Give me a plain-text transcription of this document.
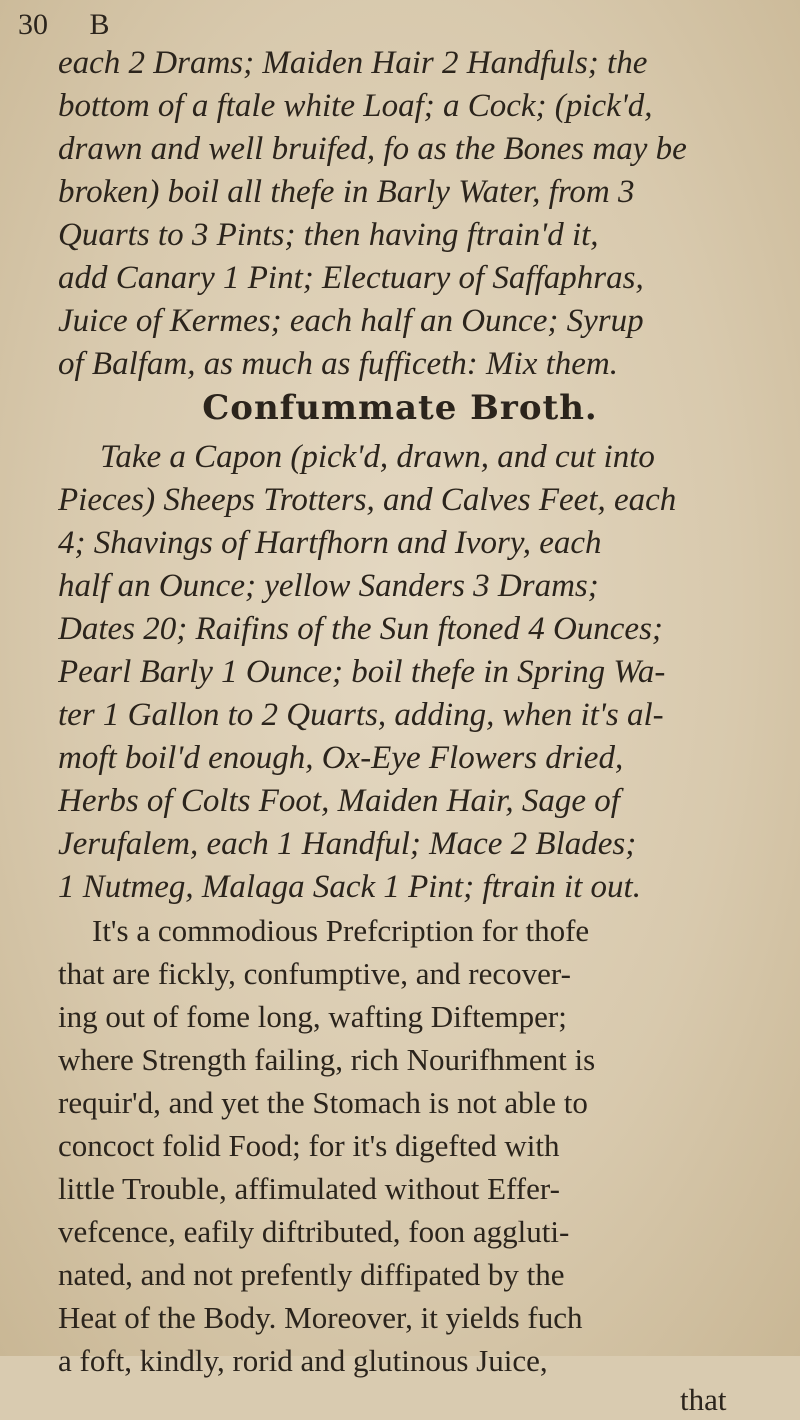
30 B
Confummate Broth.
each 2 Drams; Maiden Hair 2 Handfuls; the
bottom of a ftale white Loaf; a Cock; (pick'd,
drawn and well bruifed, fo as the Bones may be
broken) boil all thefe in Barly Water, from 3
Quarts to 3 Pints; then having ftrain'd it,
add Canary 1 Pint; Electuary of Saffaphras,
Juice of Kermes; each half an Ounce; Syrup
of Balfam, as much as fufficeth: Mix them.
Take a Capon (pick'd, drawn, and cut into
Pieces) Sheeps Trotters, and Calves Feet, each
4; Shavings of Hartfhorn and Ivory, each
half an Ounce; yellow Sanders 3 Drams;
Dates 20; Raifins of the Sun ftoned 4 Ounces;
Pearl Barly 1 Ounce; boil thefe in Spring Wa-
ter 1 Gallon to 2 Quarts, adding, when it's al-
moft boil'd enough, Ox-Eye Flowers dried,
Herbs of Colts Foot, Maiden Hair, Sage of
Jerufalem, each 1 Handful; Mace 2 Blades;
1 Nutmeg, Malaga Sack 1 Pint; ftrain it out.
It's a commodious Prefcription for thofe
that are fickly, confumptive, and recover-
ing out of fome long, wafting Diftemper;
where Strength failing, rich Nourifhment is
requir'd, and yet the Stomach is not able to
concoct folid Food; for it's digefted with
little Trouble, affimulated without Effer-
vefcence, eafily diftributed, foon aggluti-
nated, and not prefently diffipated by the
Heat of the Body. Moreover, it yields fuch
a foft, kindly, rorid and glutinous Juice,
that
